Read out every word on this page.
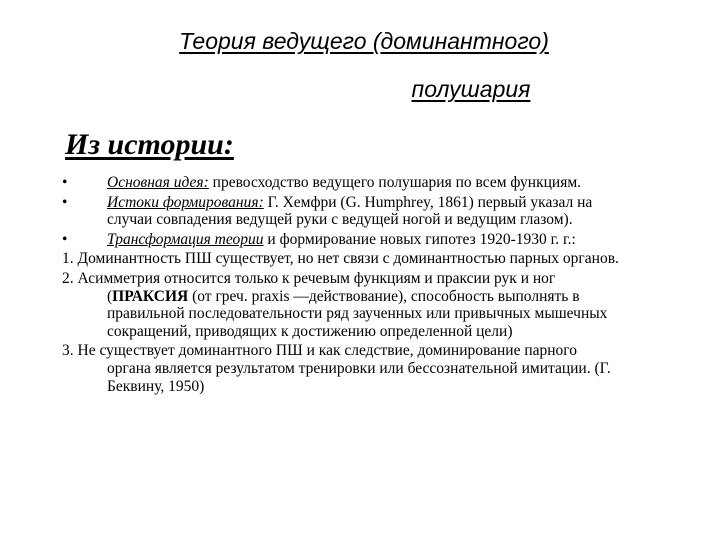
Теория ведущего (доминантного)
полушария
Из истории:
•	Основная идея: превосходство ведущего полушария по всем функциям.
•	Истоки формирования: Г. Хемфри (G. Humphrey, 1861) первый указал на случаи совпадения ведущей руки с ведущей ногой и ведущим глазом).
•	Трансформация теории и формирование новых гипотез 1920-1930 г. г.:
1. Доминантность ПШ существует, но нет связи с доминантностью парных органов.
2. Асимметрия относится только к речевым функциям и праксии рук и ног (ПРАКСИЯ (от греч. praxis —действование), способность выполнять в правильной последовательности ряд заученных или привычных мышечных сокращений, приводящих к достижению определенной цели)
3. Не существует доминантного ПШ и как следствие, доминирование парного органа является результатом тренировки или бессознательной имитации. (Г. Беквину, 1950)
